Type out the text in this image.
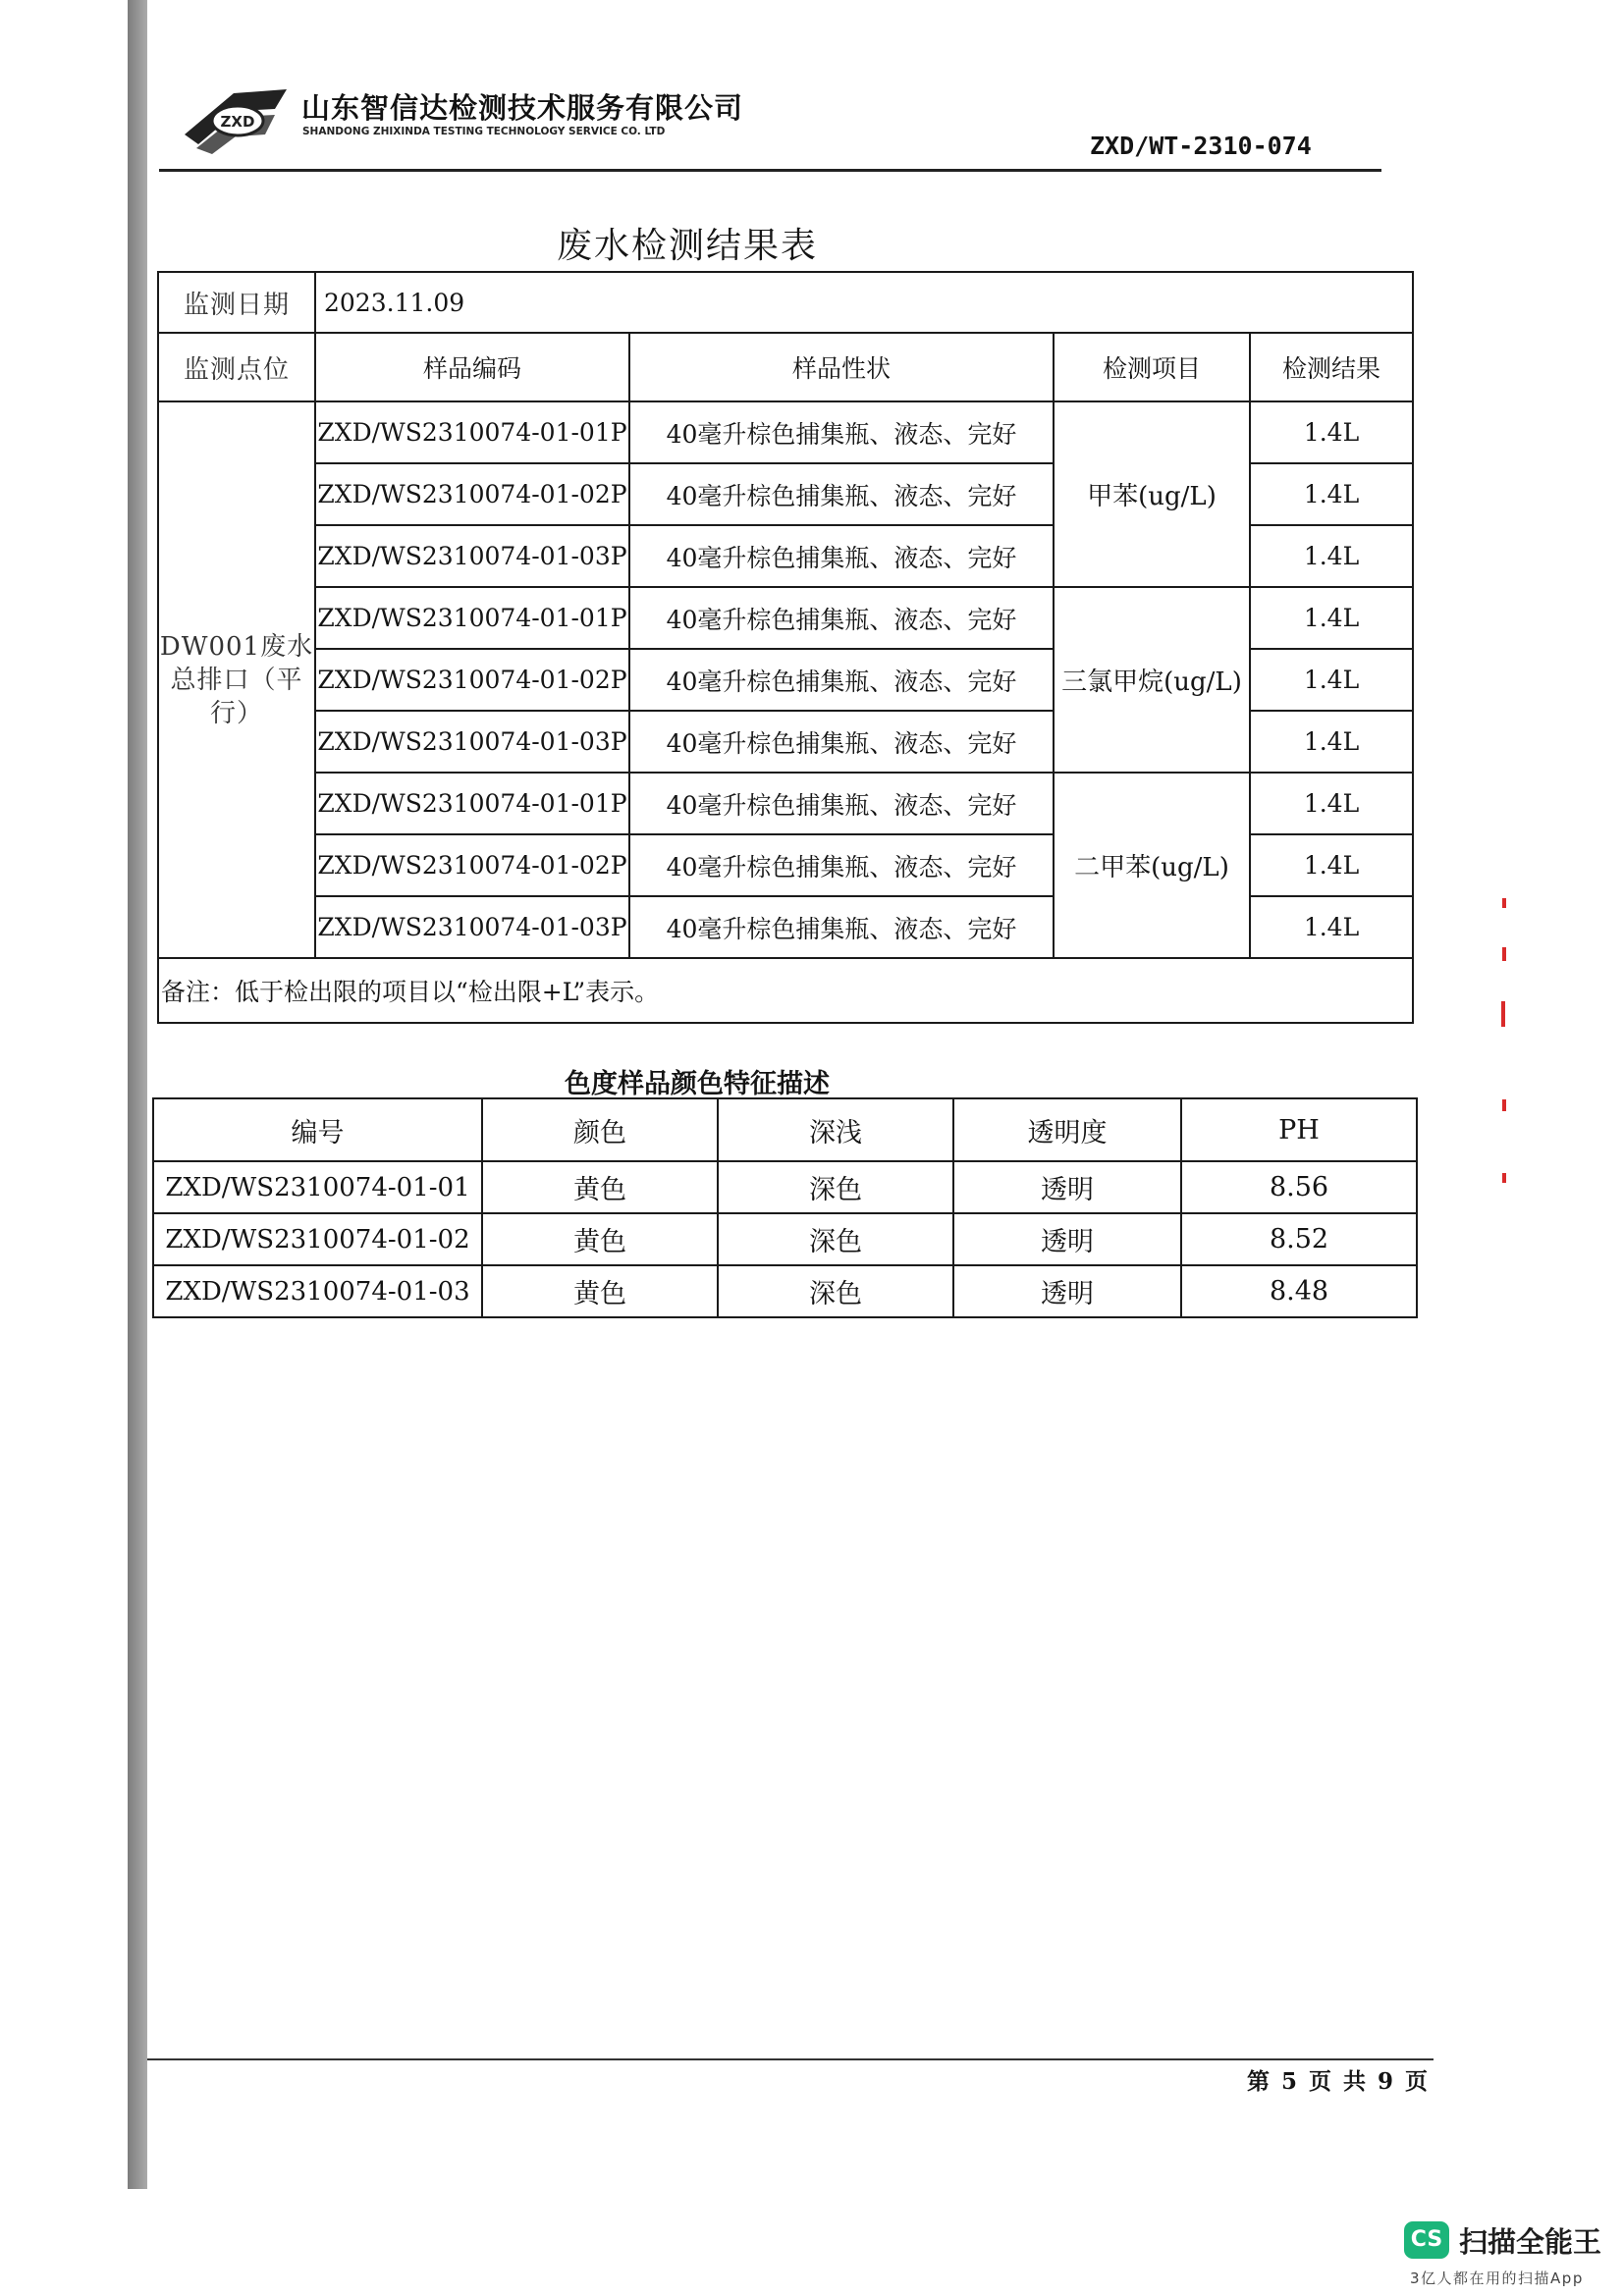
ZXD 山东智信达检测技术服务有限公司
SHANDONG ZHIXINDA TESTING TECHNOLOGY SERVICE CO. LTD	ZXD/WT-2310-074
废水检测结果表
监测日期	2023.11.09			
监测点位	样品编码	样品性状	检测项目	检测结果
DW001废水总排口（平行）	ZXD/WS2310074-01-01P	40毫升棕色捕集瓶、液态、完好	甲苯(ug/L)	1.4L
	ZXD/WS2310074-01-02P	40毫升棕色捕集瓶、液态、完好		1.4L
	ZXD/WS2310074-01-03P	40毫升棕色捕集瓶、液态、完好		1.4L
	ZXD/WS2310074-01-01P	40毫升棕色捕集瓶、液态、完好	三氯甲烷(ug/L)	1.4L
	ZXD/WS2310074-01-02P	40毫升棕色捕集瓶、液态、完好		1.4L
	ZXD/WS2310074-01-03P	40毫升棕色捕集瓶、液态、完好		1.4L
	ZXD/WS2310074-01-01P	40毫升棕色捕集瓶、液态、完好	二甲苯(ug/L)	1.4L
	ZXD/WS2310074-01-02P	40毫升棕色捕集瓶、液态、完好		1.4L
	ZXD/WS2310074-01-03P	40毫升棕色捕集瓶、液态、完好		1.4L
备注：低于检出限的项目以“检出限+L”表示。				
色度样品颜色特征描述
编号	颜色	深浅	透明度	PH
ZXD/WS2310074-01-01	黄色	深色	透明	8.56
ZXD/WS2310074-01-02	黄色	深色	透明	8.52
ZXD/WS2310074-01-03	黄色	深色	透明	8.48
第 5 页 共 9 页
CS 扫描全能王
3亿人都在用的扫描App
